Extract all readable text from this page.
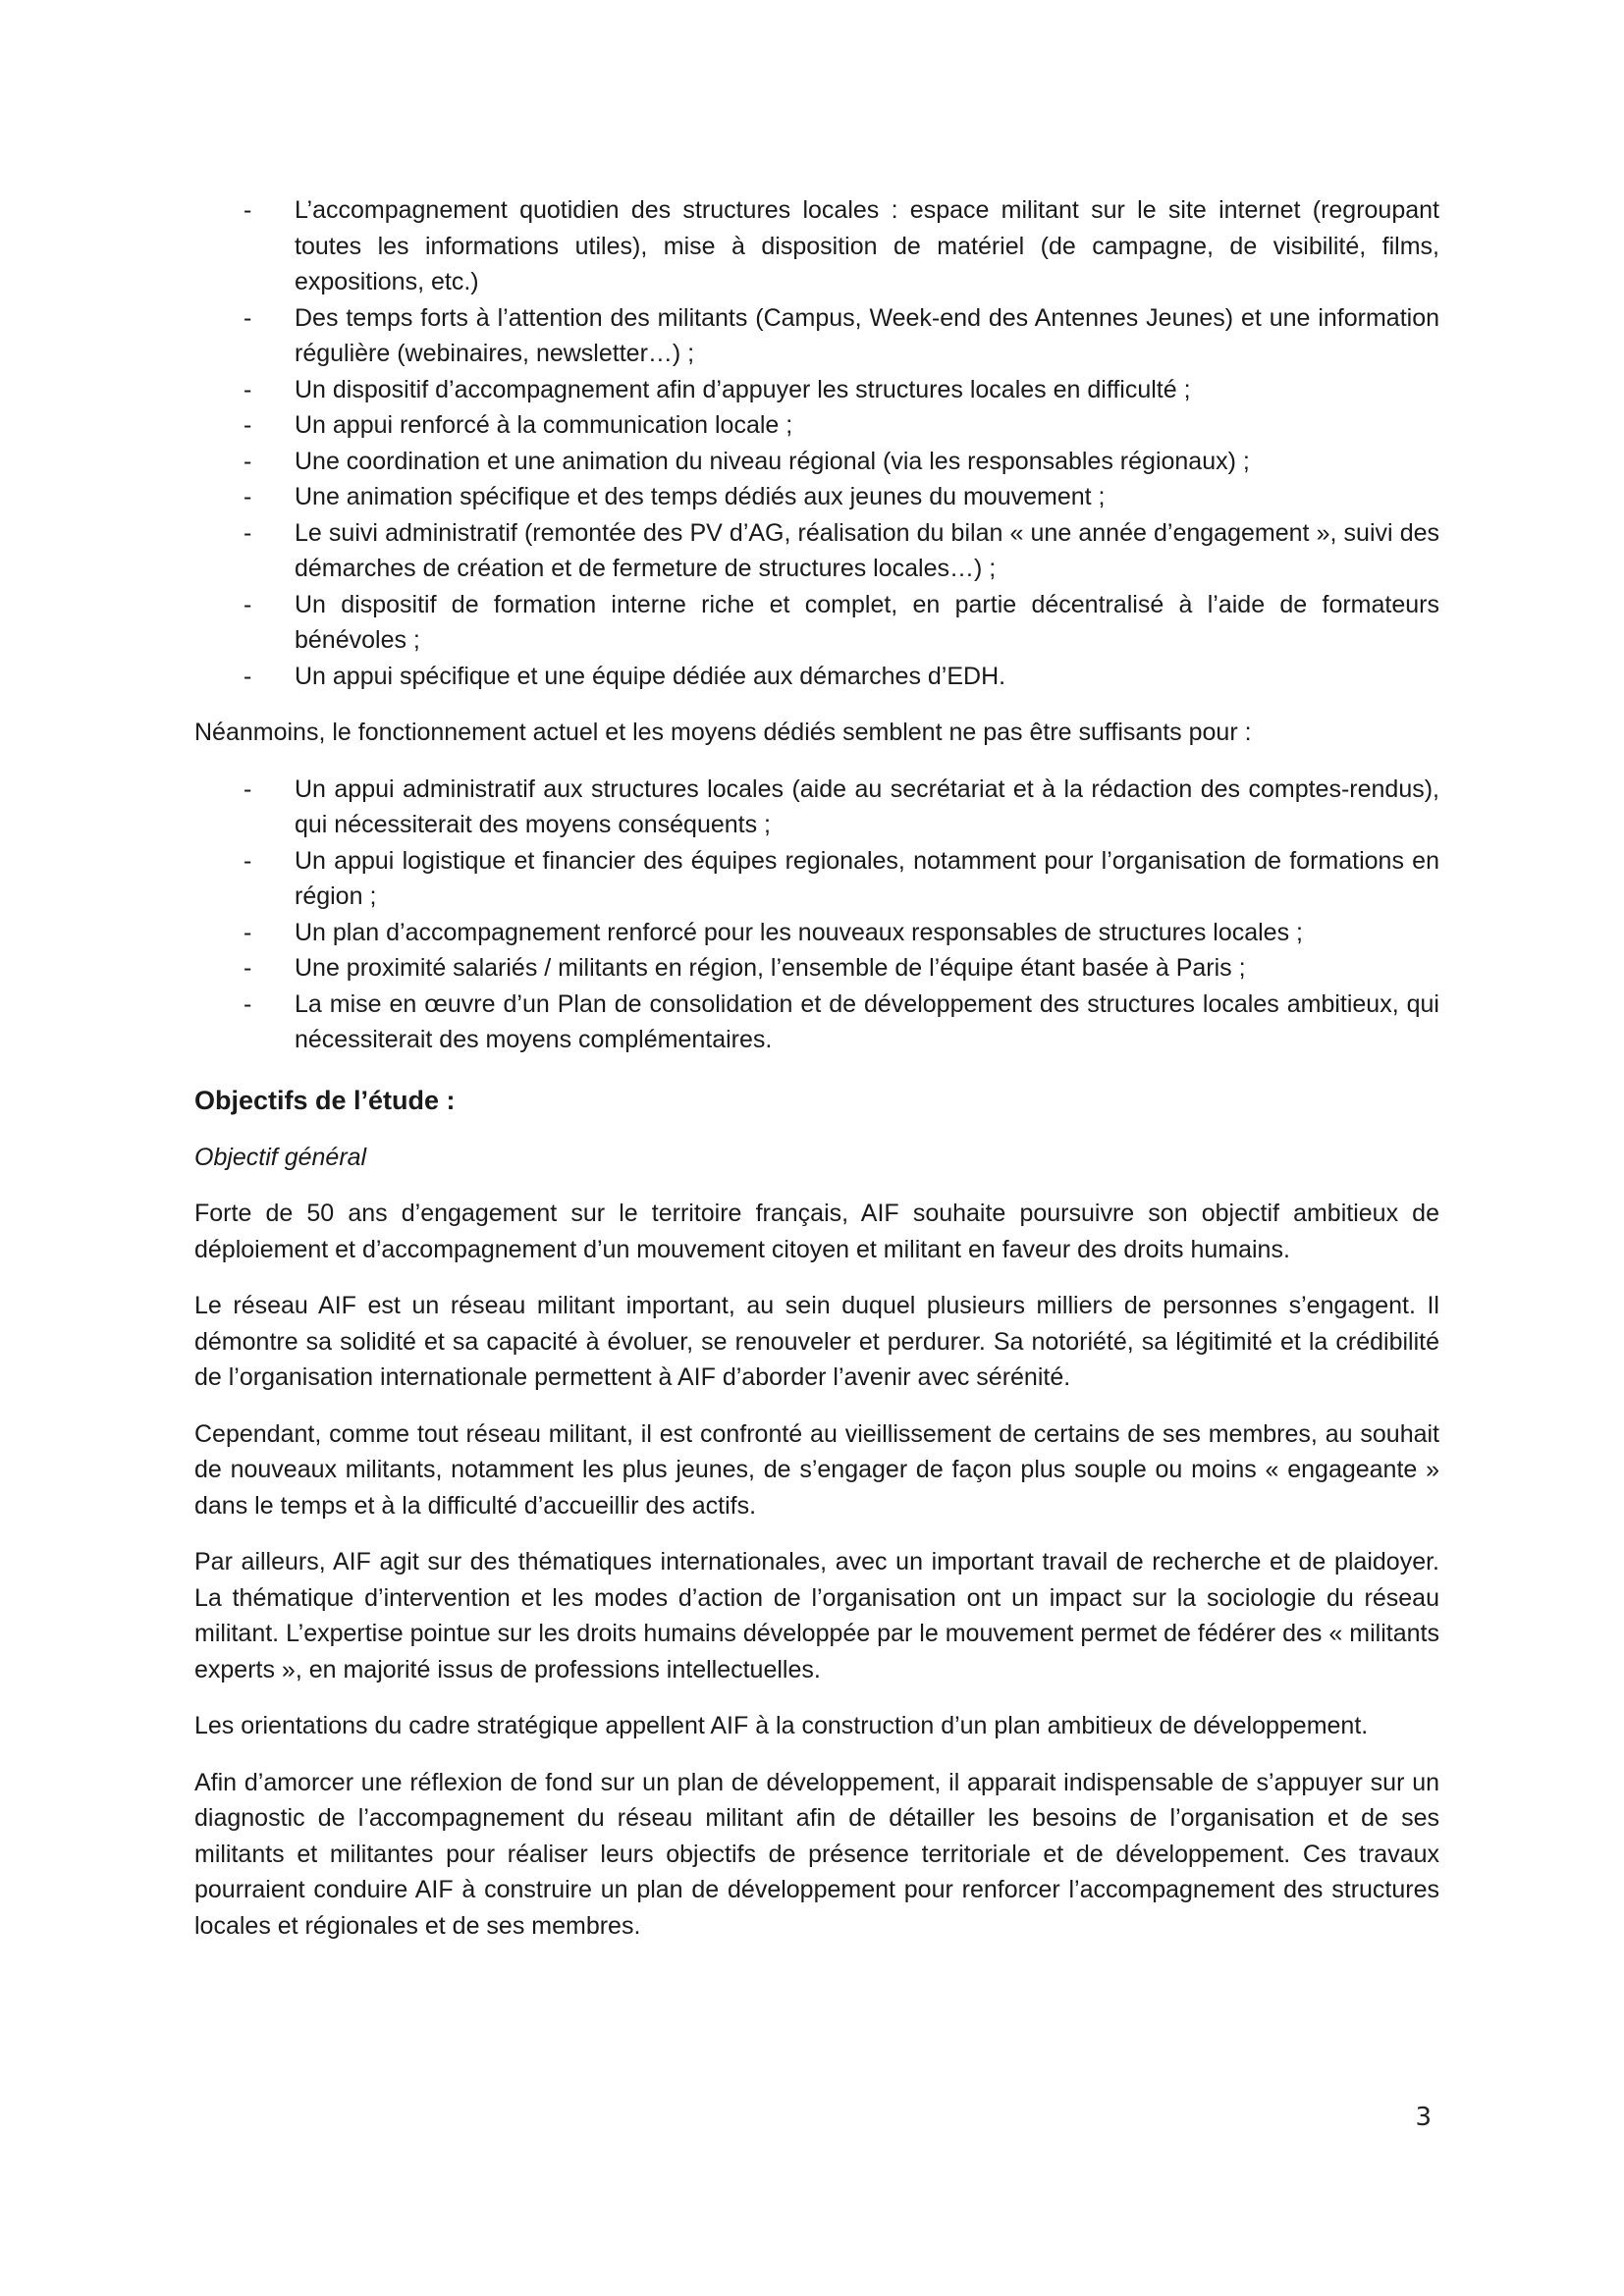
- L’accompagnement quotidien des structures locales : espace militant sur le site internet (regroupant toutes les informations utiles), mise à disposition de matériel (de campagne, de visibilité, films, expositions, etc.)
- Des temps forts à l’attention des militants (Campus, Week-end des Antennes Jeunes) et une information régulière (webinaires, newsletter…) ;
- Un dispositif d’accompagnement afin d’appuyer les structures locales en difficulté ;
- Un appui renforcé à la communication locale ;
- Une coordination et une animation du niveau régional (via les responsables régionaux) ;
- Une animation spécifique et des temps dédiés aux jeunes du mouvement ;
- Le suivi administratif (remontée des PV d’AG, réalisation du bilan « une année d’engagement », suivi des démarches de création et de fermeture de structures locales…) ;
- Un dispositif de formation interne riche et complet, en partie décentralisé à l’aide de formateurs bénévoles ;
- Un appui spécifique et une équipe dédiée aux démarches d’EDH.

Néanmoins, le fonctionnement actuel et les moyens dédiés semblent ne pas être suffisants pour :

- Un appui administratif aux structures locales (aide au secrétariat et à la rédaction des comptes-rendus), qui nécessiterait des moyens conséquents ;
- Un appui logistique et financier des équipes regionales, notamment pour l’organisation de formations en région ;
- Un plan d’accompagnement renforcé pour les nouveaux responsables de structures locales ;
- Une proximité salariés / militants en région, l’ensemble de l’équipe étant basée à Paris ;
- La mise en œuvre d’un Plan de consolidation et de développement des structures locales ambitieux, qui nécessiterait des moyens complémentaires.
Objectifs de l’étude :

Objectif général

Forte de 50 ans d’engagement sur le territoire français, AIF souhaite poursuivre son objectif ambitieux de déploiement et d’accompagnement d’un mouvement citoyen et militant en faveur des droits humains.

Le réseau AIF est un réseau militant important, au sein duquel plusieurs milliers de personnes s’engagent. Il démontre sa solidité et sa capacité à évoluer, se renouveler et perdurer. Sa notoriété, sa légitimité et la crédibilité de l’organisation internationale permettent à AIF d’aborder l’avenir avec sérénité.

Cependant, comme tout réseau militant, il est confronté au vieillissement de certains de ses membres, au souhait de nouveaux militants, notamment les plus jeunes, de s’engager de façon plus souple ou moins « engageante » dans le temps et à la difficulté d’accueillir des actifs.

Par ailleurs, AIF agit sur des thématiques internationales, avec un important travail de recherche et de plaidoyer. La thématique d’intervention et les modes d’action de l’organisation ont un impact sur la sociologie du réseau militant. L’expertise pointue sur les droits humains développée par le mouvement permet de fédérer des « militants experts », en majorité issus de professions intellectuelles.

Les orientations du cadre stratégique appellent AIF à la construction d’un plan ambitieux de développement.

Afin d’amorcer une réflexion de fond sur un plan de développement, il apparait indispensable de s’appuyer sur un diagnostic de l’accompagnement du réseau militant afin de détailler les besoins de l’organisation et de ses militants et militantes pour réaliser leurs objectifs de présence territoriale et de développement. Ces travaux pourraient conduire AIF à construire un plan de développement pour renforcer l’accompagnement des structures locales et régionales et de ses membres.

3
